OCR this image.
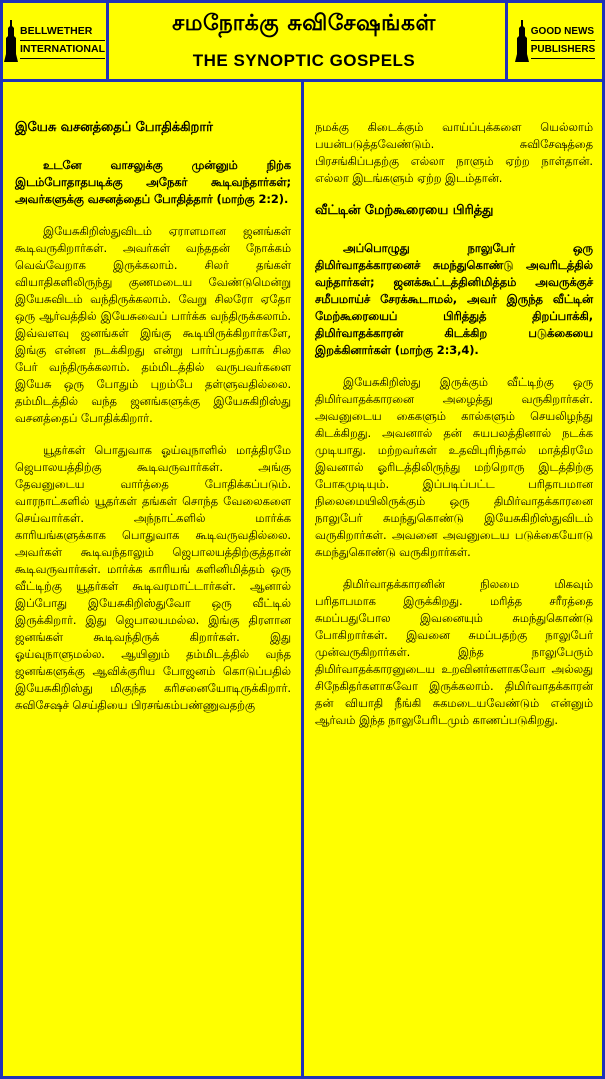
BELLWETHER
INTERNATIONAL
சமநோக்கு சுவிசேஷங்கள்
THE SYNOPTIC GOSPELS
GOOD NEWS
PUBLISHERS
இயேசு வசனத்தைப் போதிக்கிறார்

உடனே வாசலுக்கு முன்னும் நிற்க இடம்போதாதபடிக்கு அநேகர் கூடிவந்தார்கள்; அவர்களுக்கு வசனத்தைப் போதித்தார் (மாற்கு 2:2).

இயேசுகிறிஸ்துவிடம் ஏராளமான ஜனங்கள் கூடிவருகிறார்கள். அவர்கள் வந்ததன் நோக்கம் வெவ்வேறாக இருக்கலாம். சிலர் தங்கள் வியாதிகளிலிருந்து குணமடைய வேண்டுமென்று இயேசுவிடம் வந்திருக்கலாம். வேறு சிலரோ ஏதோ ஒரு ஆர்வத்தில் இயேசுவைப் பார்க்க வந்திருக்கலாம். இவ்வளவு ஜனங்கள் இங்கு கூடியிருக்கிறார்களே, இங்கு என்ன நடக்கிறது என்று பார்ப்பதற்காக சில பேர் வந்திருக்கலாம். தம்மிடத்தில் வருபவர்களை இயேசு ஒரு போதும் புறம்பே தள்ளுவதில்லை. தம்மிடத்தில் வந்த ஜனங்களுக்கு இயேசுகிறிஸ்து வசனத்தைப் போதிக்கிறார்.

யூதர்கள் பொதுவாக ஓய்வுநாளில் மாத்திரமே ஜெபாலயத்திற்கு கூடிவருவார்கள். அங்கு தேவனுடைய வார்த்தை போதிக்கப்படும். வாரநாட்களில் யூதர்கள் தங்கள் சொந்த வேலைகளை செய்வார்கள். அந்நாட்களில் மார்க்க காரியங்களுக்காக பொதுவாக கூடிவருவதில்லை. அவர்கள் கூடிவந்தாலும் ஜெபாலயத்திற்குத்தான் கூடிவருவார்கள். மார்க்க காரியங் களினிமித்தம் ஒரு வீட்டிற்கு யூதர்கள் கூடிவரமாட்டார்கள். ஆனால் இப்போது இயேசுகிறிஸ்துவோ ஒரு வீட்டில் இருக்கிறார். இது ஜெபாலயமல்ல. இங்கு திரளான ஜனங்கள் கூடிவந்திருக் கிறார்கள். இது ஓய்வுநாளுமல்ல. ஆயினும் தம்மிடத்தில் வந்த ஜனங்களுக்கு ஆவிக்குரிய போஜனம் கொடுப்பதில் இயேசுகிறிஸ்து மிகுந்த கரிசனையோடிருக்கிறார். சுவிசேஷச் செய்தியை பிரசங்கம்பண்ணுவதற்கு

நமக்கு கிடைக்கும் வாய்ப்புக்களை யெல்லாம் பயன்படுத்தவேண்டும். சுவிசேஷத்தை பிரசங்கிப்பதற்கு எல்லா நாளும் ஏற்ற நாள்தான். எல்லா இடங்களும் ஏற்ற இடம்தான்.

வீட்டின் மேற்கூரையை பிரித்து

அப்பொழுது நாலுபேர் ஒரு திமிர்வாதக்காரனைச் சுமந்துகொண்டு அவரிடத்தில் வந்தார்கள்; ஜனக்கூட்டத்தினிமித்தம் அவருக்குச் சமீபமாய்ச் சேரக்கூடாமல், அவர் இருந்த வீட்டின் மேற்கூரையைப் பிரித்துத் திறப்பாக்கி, திமிர்வாதக்காரன் கிடக்கிற படுக்கையை இறக்கினார்கள் (மாற்கு 2:3,4).

இயேசுகிறிஸ்து இருக்கும் வீட்டிற்கு ஒரு திமிர்வாதக்காரனை அழைத்து வருகிறார்கள். அவனுடைய கைகளும் கால்களும் செயலிழந்து கிடக்கிறது. அவனால் தன் சுயபலத்தினால் நடக்க முடியாது. மற்றவர்கள் உதவிபுரிந்தால் மாத்திரமே இவனால் ஓரிடத்திலிருந்து மற்றொரு இடத்திற்கு போகமுடியும். இப்படிப்பட்ட பரிதாபமான நிலைமையிலிருக்கும் ஒரு திமிர்வாதக்காரனை நாலுபேர் சுமந்துகொண்டு இயேசுகிறிஸ்துவிடம் வருகிறார்கள். அவனை அவனுடைய படுக்கையோடு சுமந்துகொண்டு வருகிறார்கள்.

திமிர்வாதக்காரனின் நிலமை மிகவும் பரிதாபமாக இருக்கிறது. மரித்த சரீரத்தை சுமப்பதுபோல இவனையும் சுமந்துகொண்டு போகிறார்கள். இவனை சுமப்பதற்கு நாலுபேர் முன்வருகிறார்கள். இந்த நாலுபேரும் திமிர்வாதக்காரனுடைய உறவினர்களாகவோ அல்லது சிநேகிதர்களாகவோ இருக்கலாம். திமிர்வாதக்காரன் தன் வியாதி நீங்கி சுகமடையவேண்டும் என்னும் ஆர்வம் இந்த நாலுபேரிடமும் காணப்படுகிறது.
